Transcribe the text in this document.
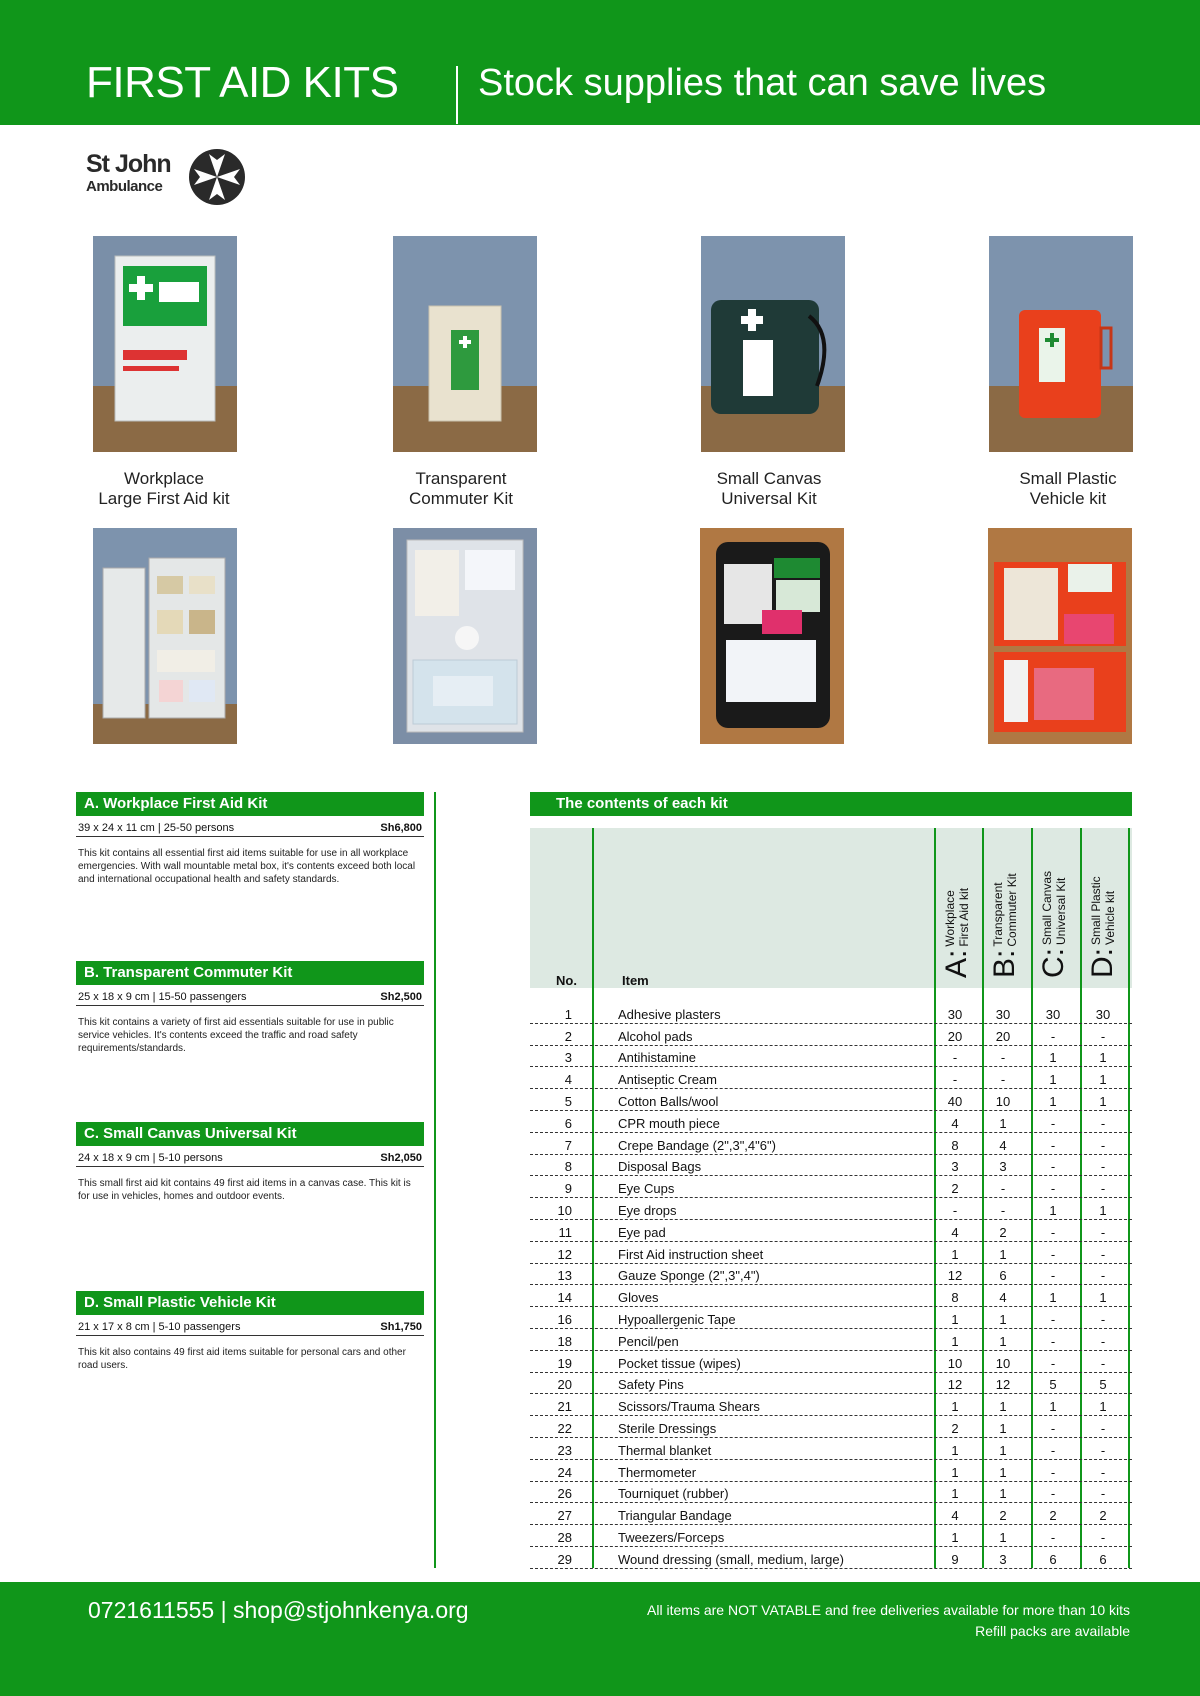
FIRST AID KITS Stock supplies that can save lives
St John
Ambulance
Workplace
Large First Aid kit
Transparent
Commuter Kit
Small Canvas
Universal Kit
Small Plastic
Vehicle kit
A. Workplace First Aid Kit
39 x 24 x 11 cm | 25-50 persons	Sh6,800
This kit contains all essential first aid items suitable for use in all workplace emergencies. With wall mountable metal box, it's contents exceed both local and international occupational health and safety standards.
B. Transparent Commuter Kit
25 x 18 x 9 cm | 15-50 passengers	Sh2,500
This kit contains a variety of first aid essentials suitable for use in public service vehicles. It's contents exceed the traffic and road safety requirements/standards.
C. Small Canvas Universal Kit
24 x 18 x 9 cm | 5-10 persons	Sh2,050
This small first aid kit contains 49 first aid items in a canvas case. This kit is for use in vehicles, homes and outdoor events.
D. Small Plastic Vehicle Kit
21 x 17 x 8 cm | 5-10 passengers	Sh1,750
This kit also contains 49 first aid items suitable for personal cars and other road users.
The contents of each kit
No.	Item
A:
Workplace
First Aid kit
B:
Transparent
Commuter Kit
C:
Small Canvas
Universal Kit
D:
Small Plastic
Vehicle kit
1	Adhesive plasters	30	30	30	30
2	Alcohol pads	20	20	-	-
3	Antihistamine	-	-	1	1
4	Antiseptic Cream	-	-	1	1
5	Cotton Balls/wool	40	10	1	1
6	CPR mouth piece	4	1	-	-
7	Crepe Bandage (2",3",4"6")	8	4	-	-
8	Disposal Bags	3	3	-	-
9	Eye Cups	2	-	-	-
10	Eye drops	-	-	1	1
11	Eye pad	4	2	-	-
12	First Aid instruction sheet	1	1	-	-
13	Gauze Sponge (2",3",4")	12	6	-	-
14	Gloves	8	4	1	1
16	Hypoallergenic Tape	1	1	-	-
18	Pencil/pen	1	1	-	-
19	Pocket tissue (wipes)	10	10	-	-
20	Safety Pins	12	12	5	5
21	Scissors/Trauma Shears	1	1	1	1
22	Sterile Dressings	2	1	-	-
23	Thermal blanket	1	1	-	-
24	Thermometer	1	1	-	-
26	Tourniquet (rubber)	1	1	-	-
27	Triangular Bandage	4	2	2	2
28	Tweezers/Forceps	1	1	-	-
29	Wound dressing (small, medium, large)	9	3	6	6
0721611555 | shop@stjohnkenya.org	All items are NOT VATABLE and free deliveries available for more than 10 kits
Refill packs are available
